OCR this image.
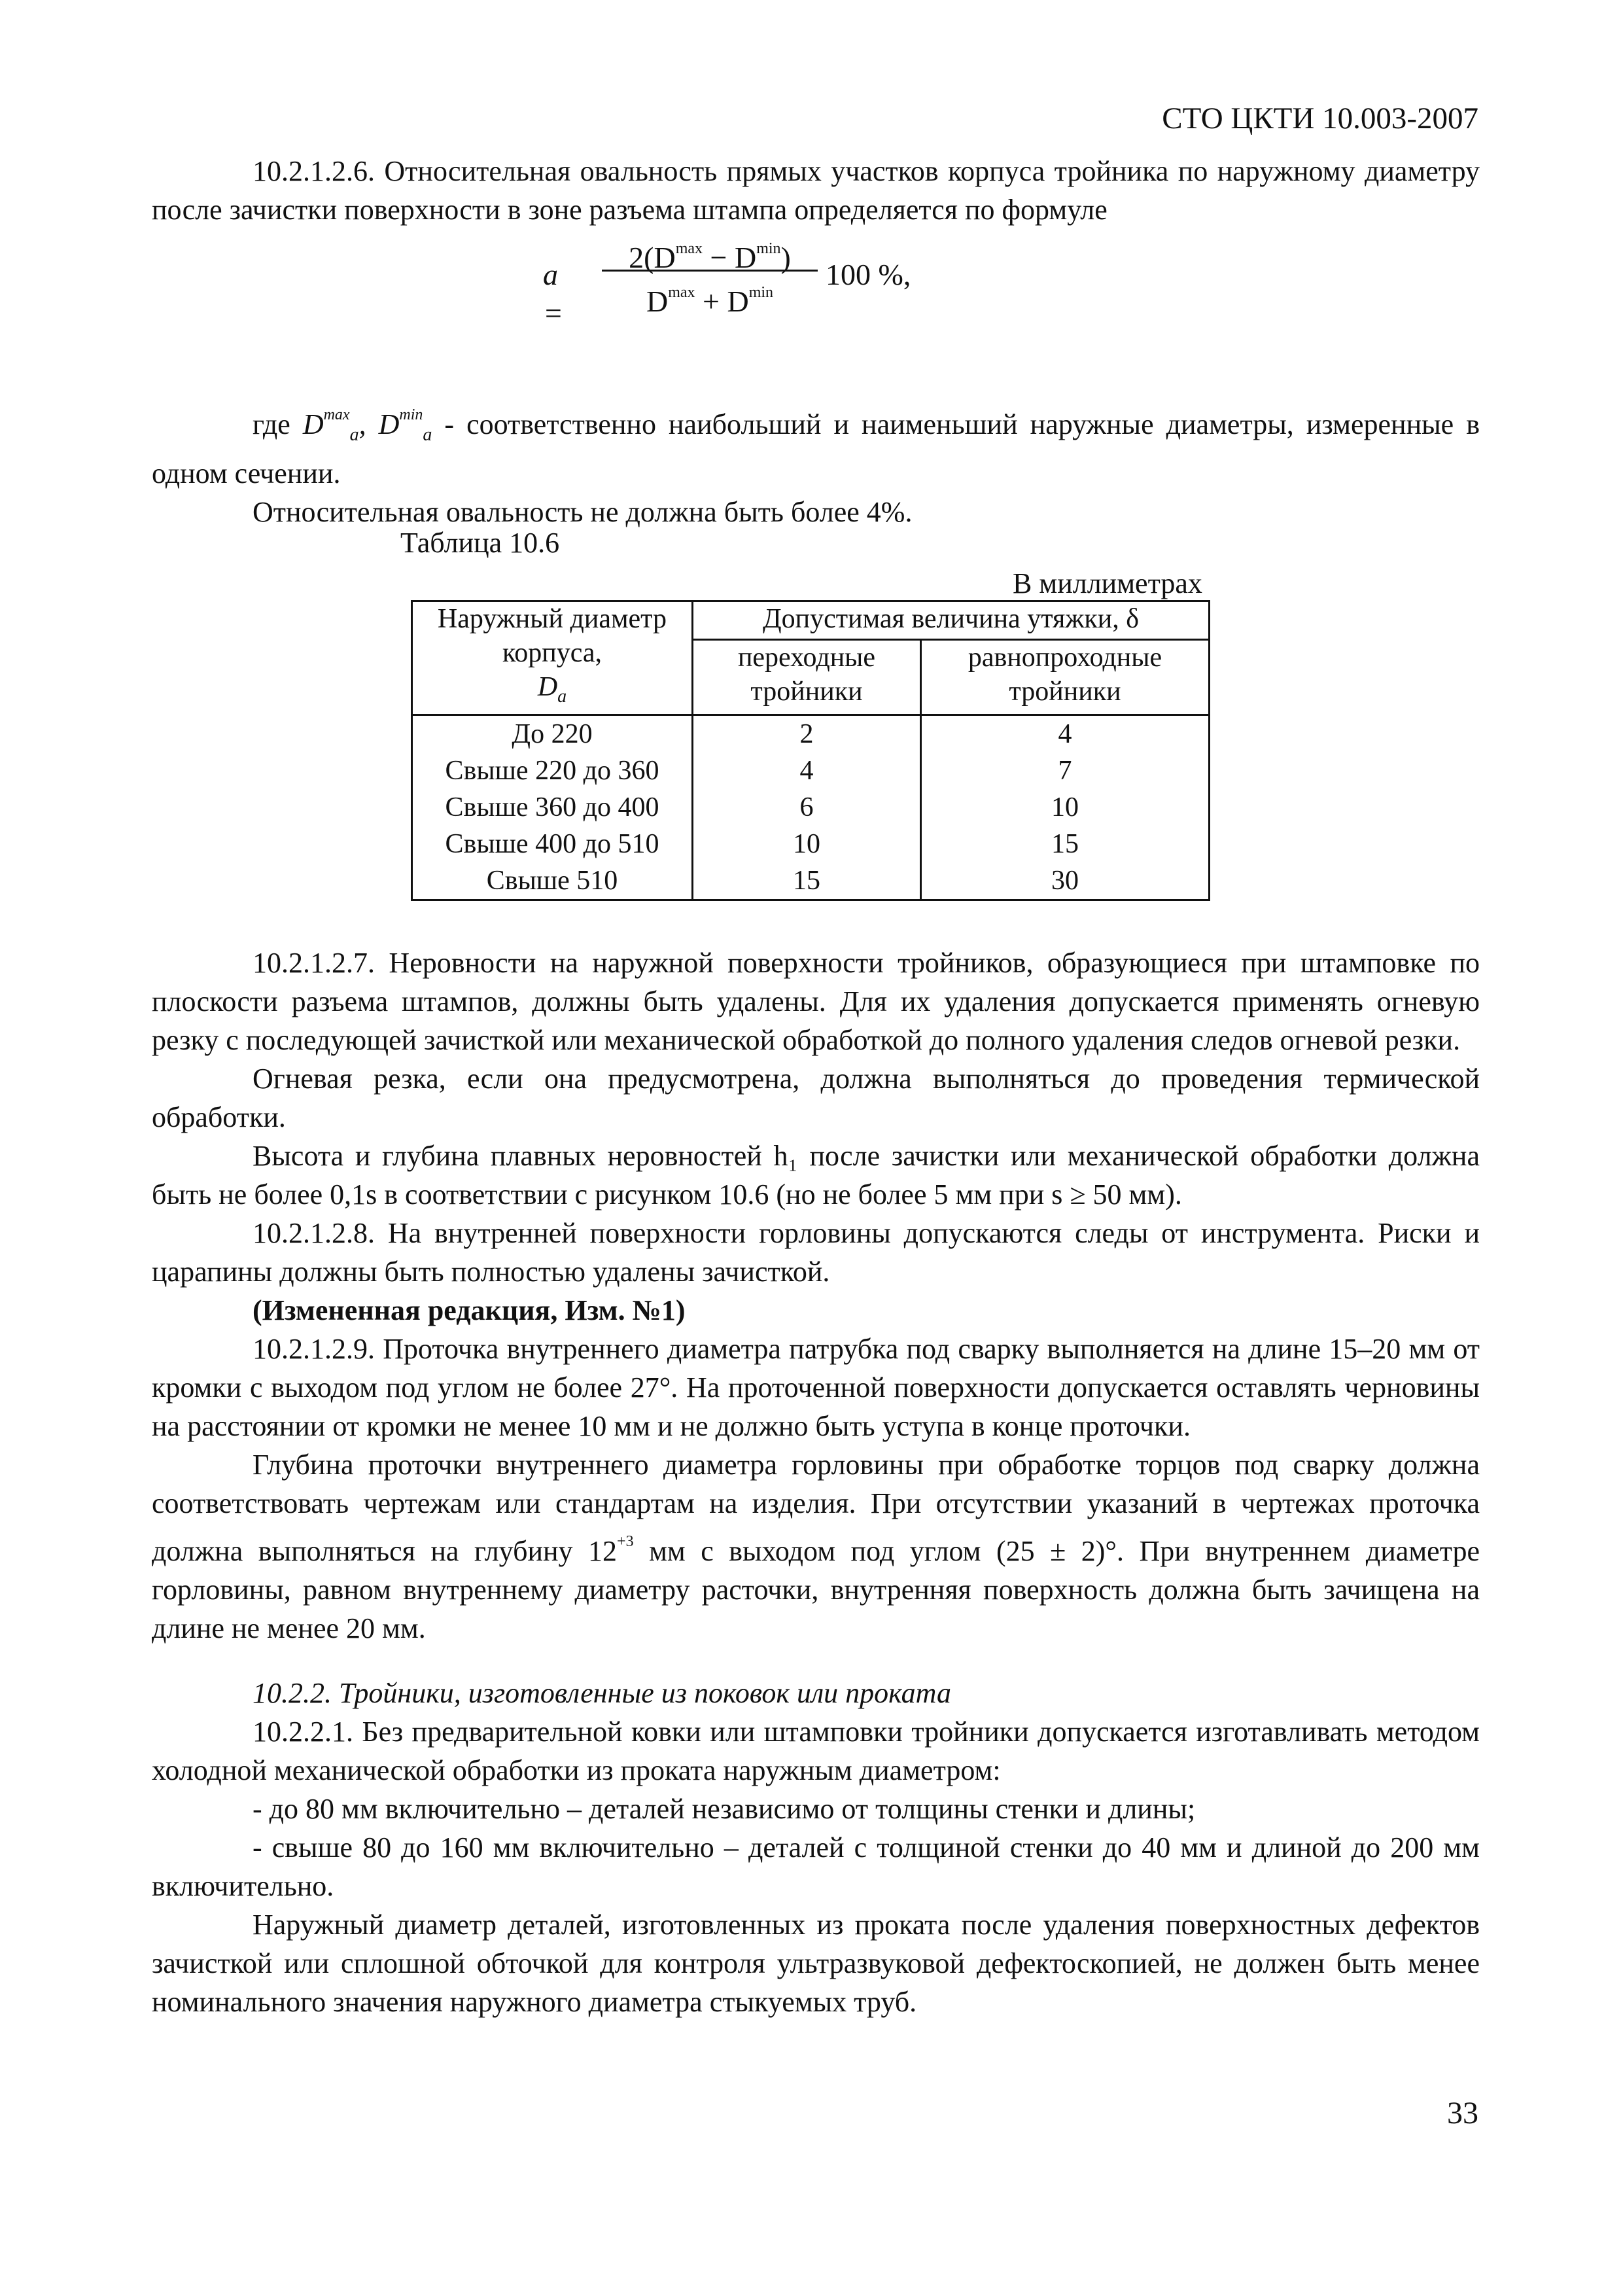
СТО ЦКТИ 10.003-2007

10.2.1.2.6. Относительная овальность прямых участков корпуса тройника по наружному диаметру после зачистки поверхности в зоне разъема штампа определяется по формуле

a =
$2(D^{max} - D^{min})$
$D^{max} + D^{min}$
100 %,

где $D^{max}_a$, $D^{min}_a$ - соответственно наибольший и наименьший наружные диаметры, измеренные в одном сечении.

Относительная овальность не должна быть более 4%.

Таблица 10.6
В миллиметрах
Наружный диаметр корпуса,
$D_a$	Допустимая величина утяжки, δ	
	переходные тройники	равнопроходные тройники
До 220	2	4
Свыше 220 до 360	4	7
Свыше 360 до 400	6	10
Свыше 400 до 510	10	15
Свыше 510	15	30

10.2.1.2.7. Неровности на наружной поверхности тройников, образующиеся при штамповке по плоскости разъема штампов, должны быть удалены. Для их удаления допускается применять огневую резку с последующей зачисткой или механической обработкой до полного удаления следов огневой резки.

Огневая резка, если она предусмотрена, должна выполняться до проведения термической обработки.

Высота и глубина плавных неровностей h₁ после зачистки или механической обработки должна быть не более 0,1s в соответствии с рисунком 10.6 (но не более 5 мм при s ≥ 50 мм).

10.2.1.2.8. На внутренней поверхности горловины допускаются следы от инструмента. Риски и царапины должны быть полностью удалены зачисткой.

(Измененная редакция, Изм. №1)

10.2.1.2.9. Проточка внутреннего диаметра патрубка под сварку выполняется на длине 15–20 мм от кромки с выходом под углом не более 27°. На проточенной поверхности допускается оставлять черновины на расстоянии от кромки не менее 10 мм и не должно быть уступа в конце проточки.

Глубина проточки внутреннего диаметра горловины при обработке торцов под сварку должна соответствовать чертежам или стандартам на изделия. При отсутствии указаний в чертежах проточка должна выполняться на глубину $12^{+3}$ мм с выходом под углом (25 ± 2)°. При внутреннем диаметре горловины, равном внутреннему диаметру расточки, внутренняя поверхность должна быть зачищена на длине не менее 20 мм.

10.2.2. Тройники, изготовленные из поковок или проката

10.2.2.1. Без предварительной ковки или штамповки тройники допускается изготавливать методом холодной механической обработки из проката наружным диаметром:

- до 80 мм включительно – деталей независимо от толщины стенки и длины;

- свыше 80 до 160 мм включительно – деталей с толщиной стенки до 40 мм и длиной до 200 мм включительно.

Наружный диаметр деталей, изготовленных из проката после удаления поверхностных дефектов зачисткой или сплошной обточкой для контроля ультразвуковой дефектоскопией, не должен быть менее номинального значения наружного диаметра стыкуемых труб.

33
